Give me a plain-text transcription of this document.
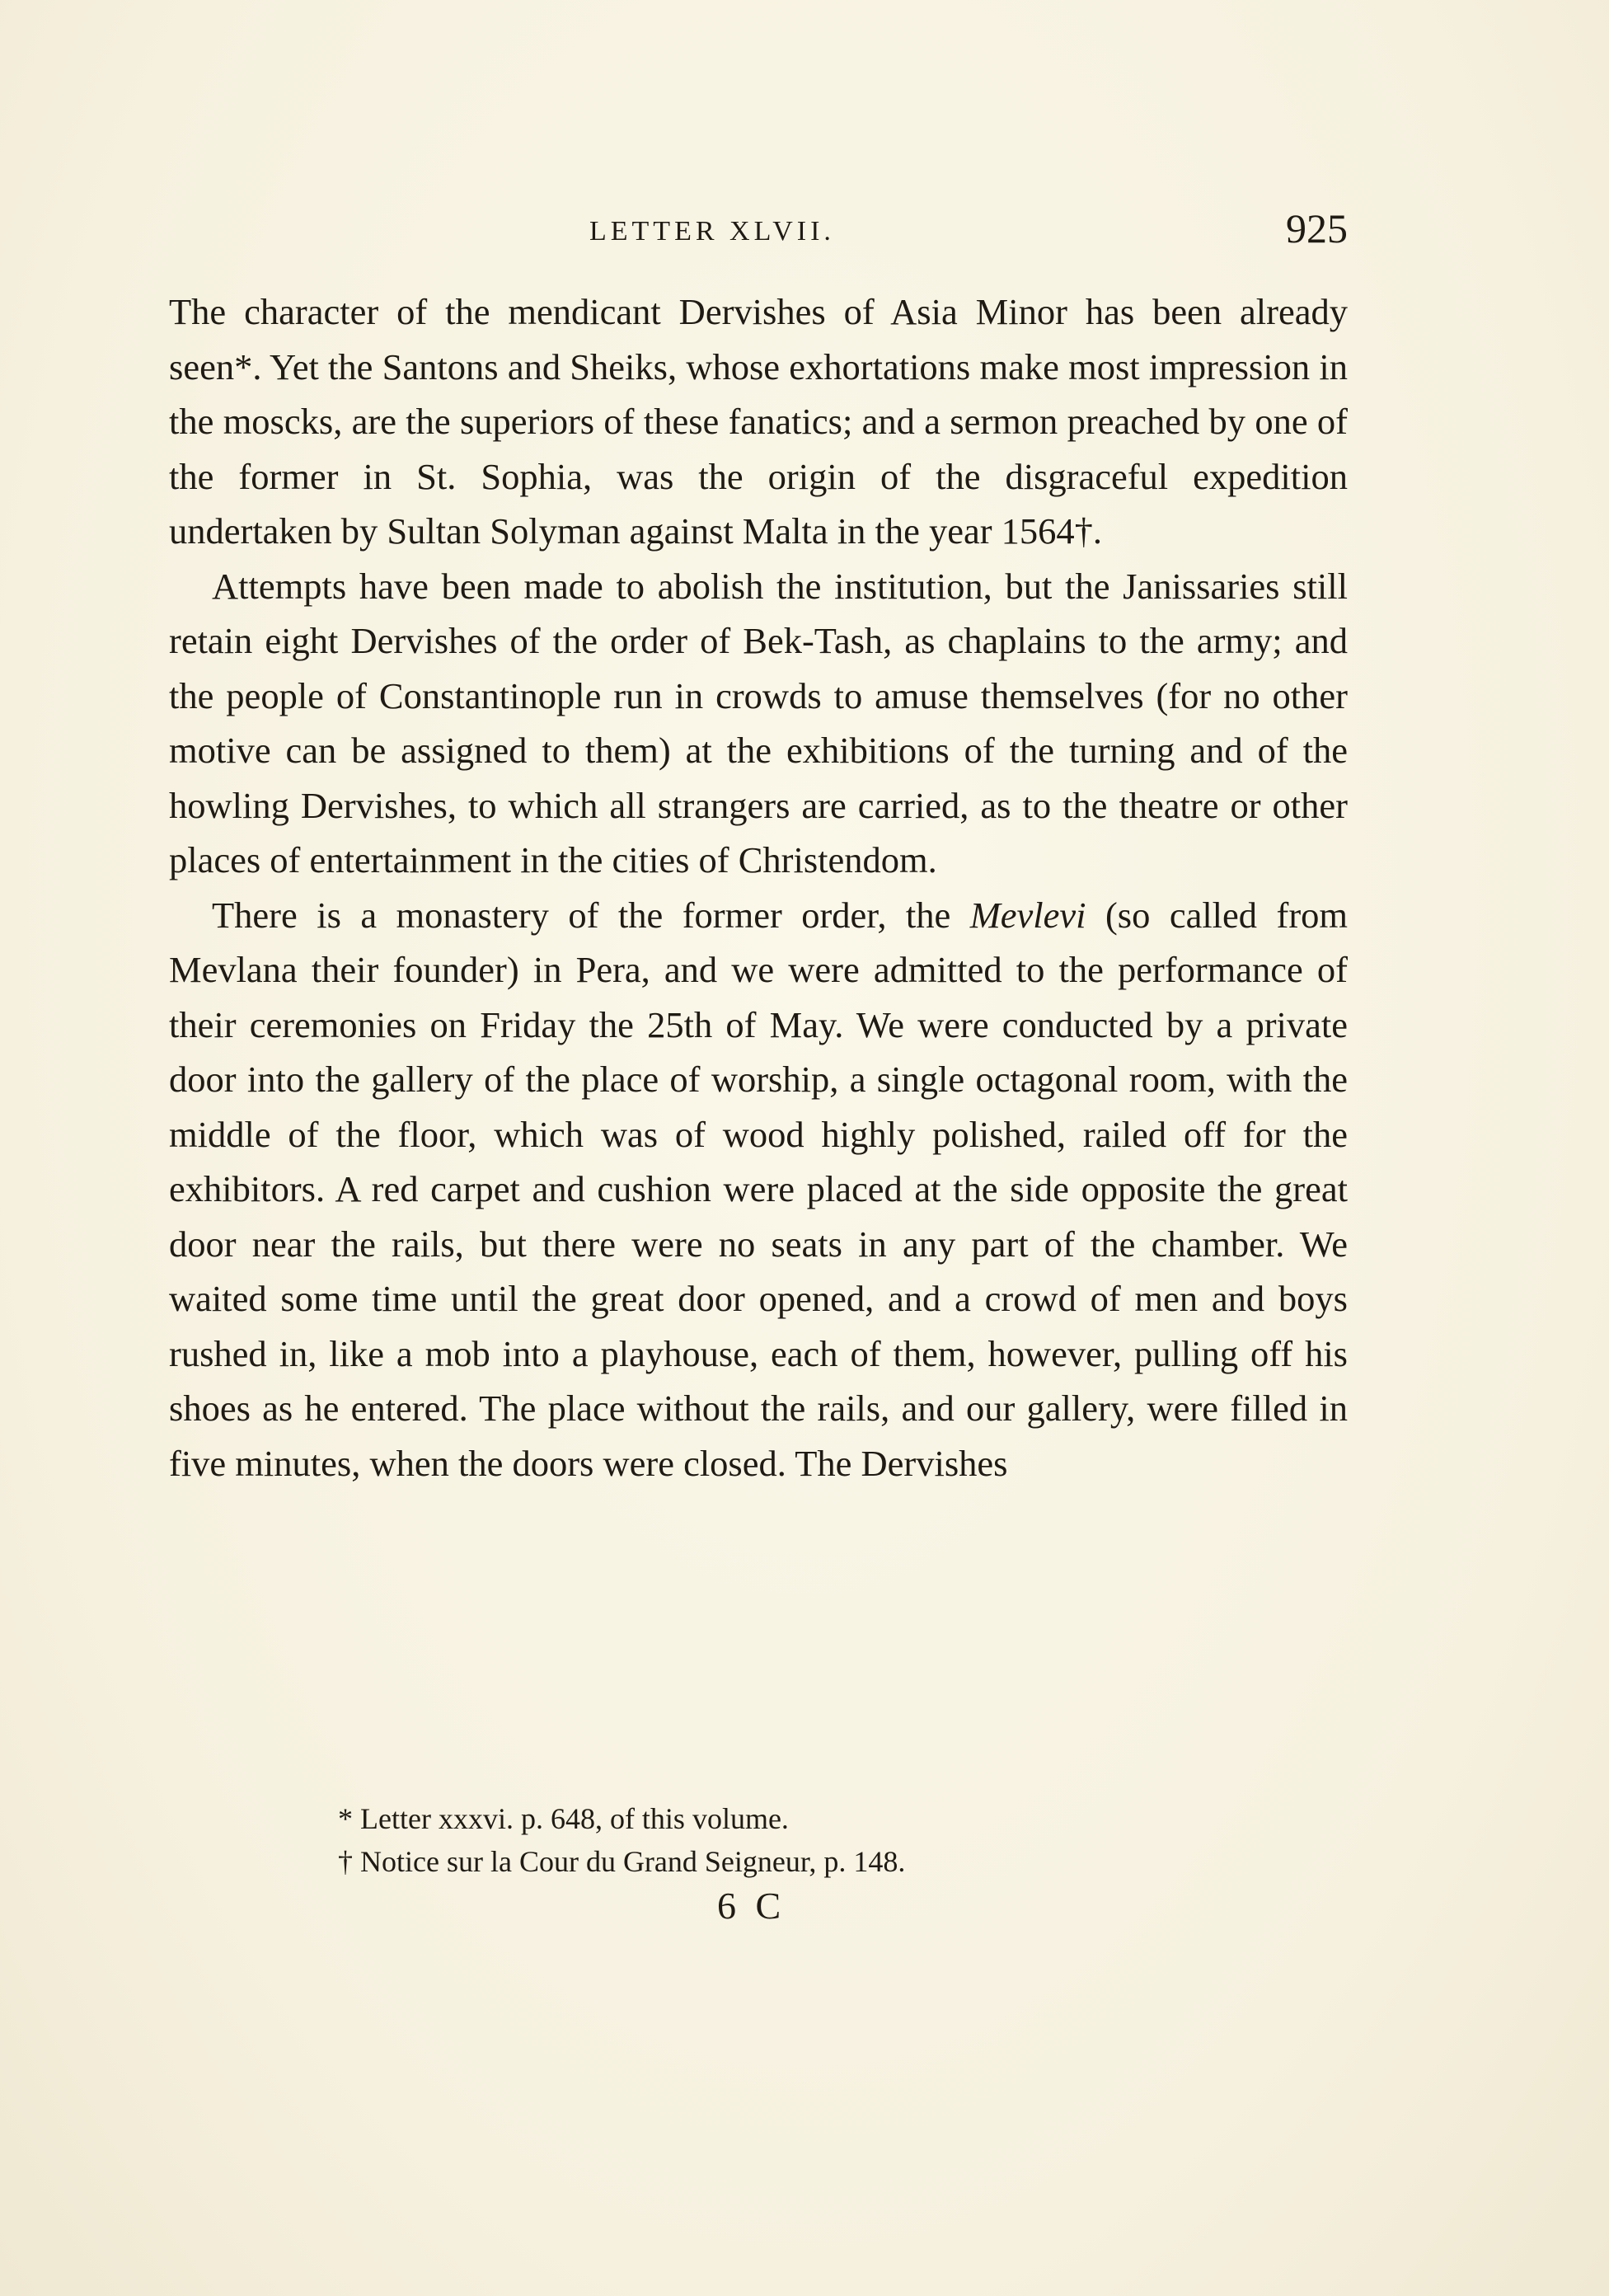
LETTER XLVII.	925

The character of the mendicant Dervishes of Asia Minor has been already seen*. Yet the Santons and Sheiks, whose exhortations make most impression in the moscks, are the superiors of these fanatics; and a sermon preached by one of the former in St. Sophia, was the origin of the disgraceful expedition undertaken by Sultan Solyman against Malta in the year 1564†.

Attempts have been made to abolish the institution, but the Janissaries still retain eight Dervishes of the order of Bek-Tash, as chaplains to the army; and the people of Constantinople run in crowds to amuse themselves (for no other motive can be assigned to them) at the exhibitions of the turning and of the howling Dervishes, to which all strangers are carried, as to the theatre or other places of entertainment in the cities of Christendom.

There is a monastery of the former order, the Mevlevi (so called from Mevlana their founder) in Pera, and we were admitted to the performance of their ceremonies on Friday the 25th of May. We were conducted by a private door into the gallery of the place of worship, a single octagonal room, with the middle of the floor, which was of wood highly polished, railed off for the exhibitors. A red carpet and cushion were placed at the side opposite the great door near the rails, but there were no seats in any part of the chamber. We waited some time until the great door opened, and a crowd of men and boys rushed in, like a mob into a playhouse, each of them, however, pulling off his shoes as he entered. The place without the rails, and our gallery, were filled in five minutes, when the doors were closed. The Dervishes

* Letter xxxvi. p. 648, of this volume.

† Notice sur la Cour du Grand Seigneur, p. 148.

6 C
